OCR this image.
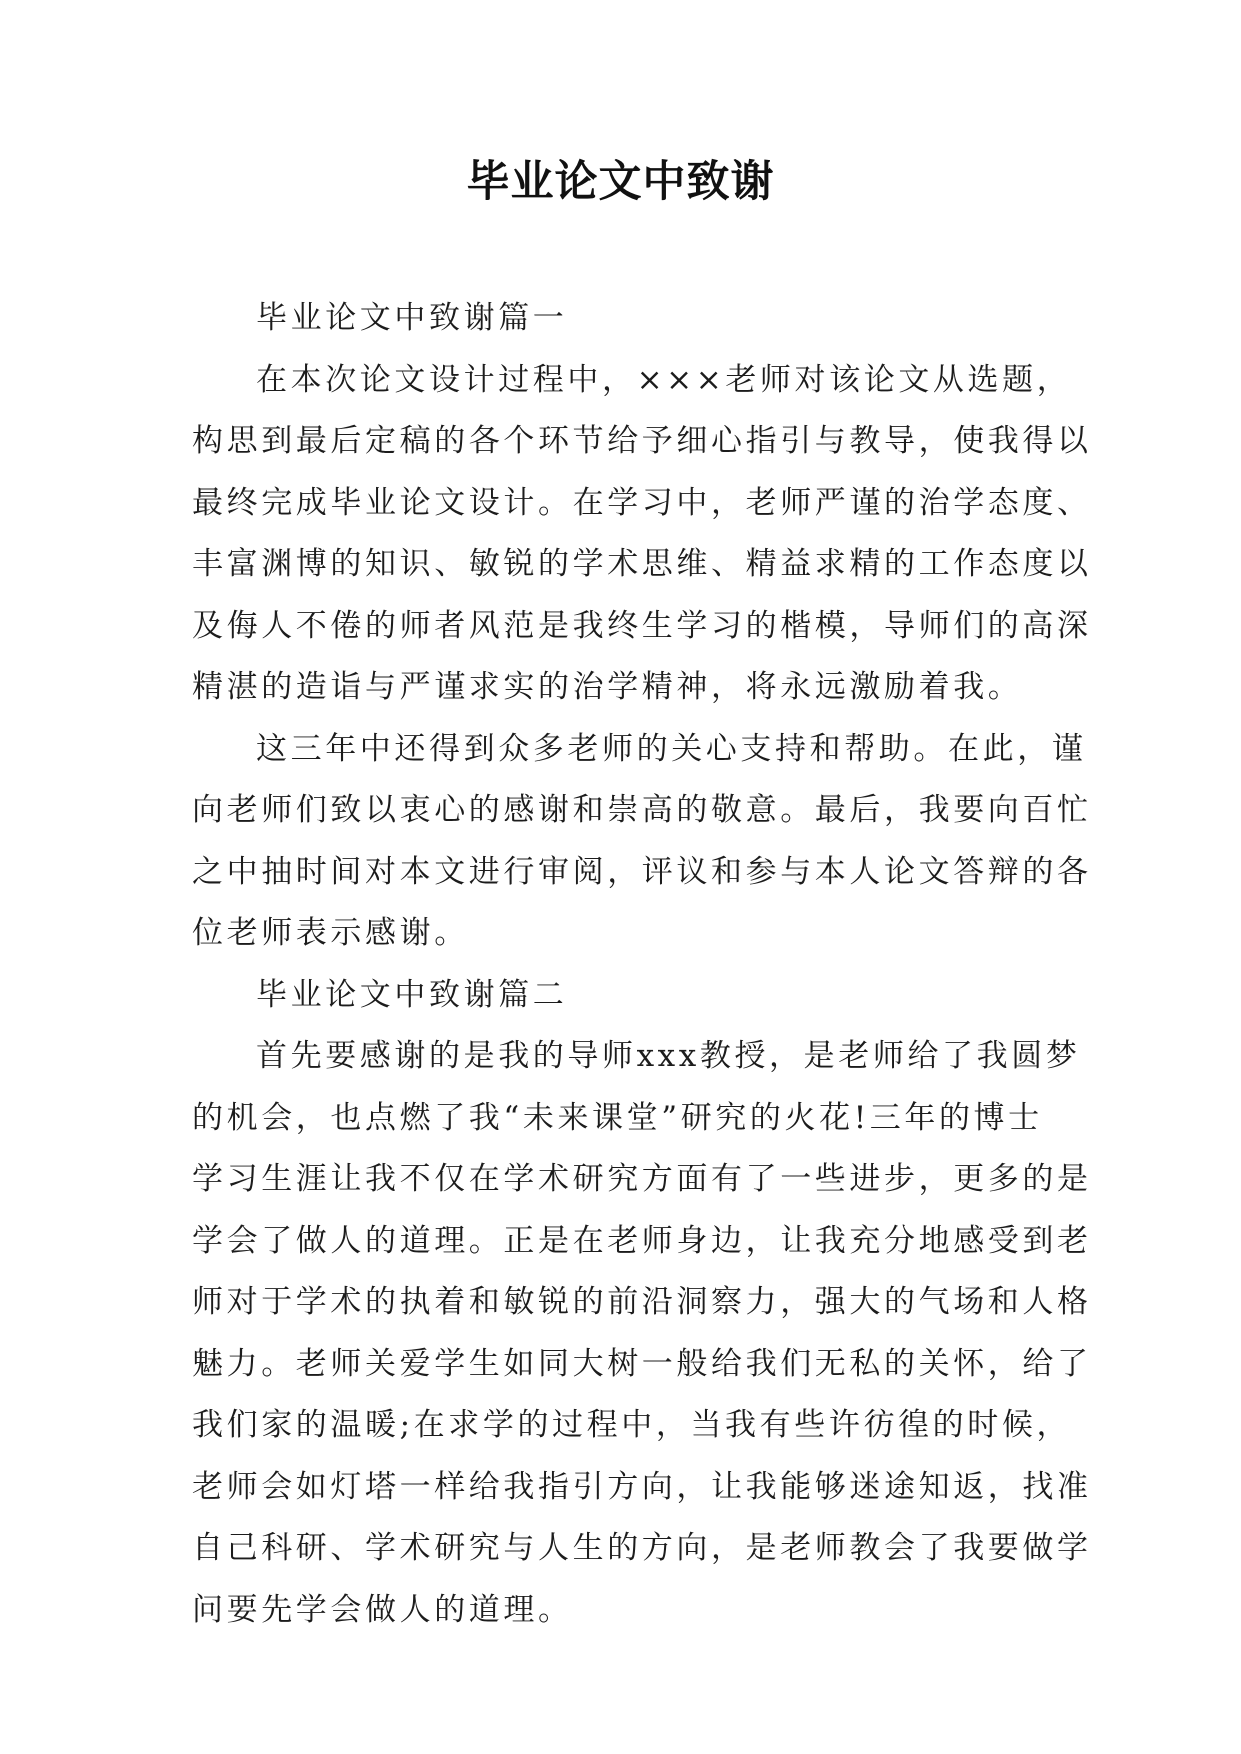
毕业论文中致谢
毕业论文中致谢篇一
在本次论文设计过程中，×××老师对该论文从选题，
构思到最后定稿的各个环节给予细心指引与教导，使我得以
最终完成毕业论文设计。在学习中，老师严谨的治学态度、
丰富渊博的知识、敏锐的学术思维、精益求精的工作态度以
及侮人不倦的师者风范是我终生学习的楷模，导师们的高深
精湛的造诣与严谨求实的治学精神，将永远激励着我。
这三年中还得到众多老师的关心支持和帮助。在此，谨
向老师们致以衷心的感谢和崇高的敬意。最后，我要向百忙
之中抽时间对本文进行审阅，评议和参与本人论文答辩的各
位老师表示感谢。
毕业论文中致谢篇二
首先要感谢的是我的导师xxx教授，是老师给了我圆梦
的机会，也点燃了我“未来课堂”研究的火花!三年的博士
学习生涯让我不仅在学术研究方面有了一些进步，更多的是
学会了做人的道理。正是在老师身边，让我充分地感受到老
师对于学术的执着和敏锐的前沿洞察力，强大的气场和人格
魅力。老师关爱学生如同大树一般给我们无私的关怀，给了
我们家的温暖;在求学的过程中，当我有些许彷徨的时候，
老师会如灯塔一样给我指引方向，让我能够迷途知返，找准
自己科研、学术研究与人生的方向，是老师教会了我要做学
问要先学会做人的道理。
